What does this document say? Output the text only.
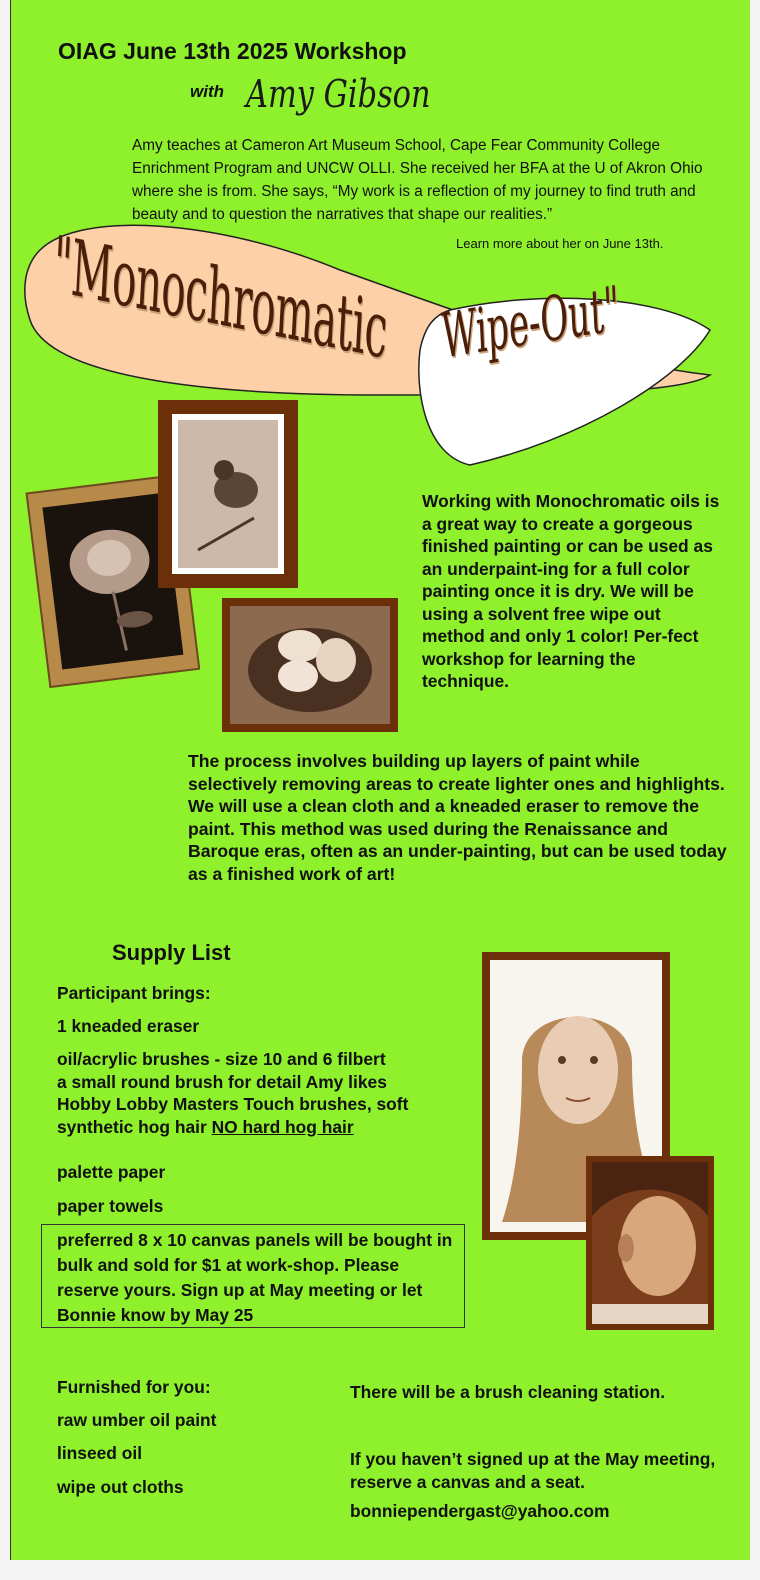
OIAG June 13th 2025 Workshop
with Amy Gibson
Amy teaches at Cameron Art Museum School, Cape Fear Community College Enrichment Program and UNCW OLLI. She received her BFA at the U of Akron Ohio where she is from. She says, “My work is a reflection of my journey to find truth and beauty and to question the narratives that shape our realities.”
Learn more about her on June 13th.
"Monochromatic Wipe-Out"
Working with Monochromatic oils is a great way to create a gorgeous finished painting or can be used as an underpaint-ing for a full color painting once it is dry. We will be using a solvent free wipe out method and only 1 color! Per-fect workshop for learning the technique.
The process involves building up layers of paint while selectively removing areas to create lighter ones and highlights. We will use a clean cloth and a kneaded eraser to remove the paint. This method was used during the Renaissance and Baroque eras, often as an under-painting, but can be used today as a finished work of art!
Supply List
Participant brings:
1 kneaded eraser
oil/acrylic brushes - size 10 and 6 filbert
a small round brush for detail Amy likes
Hobby Lobby Masters Touch brushes, soft
synthetic hog hair NO hard hog hair
palette paper
paper towels
preferred 8 x 10 canvas panels will be bought in bulk and sold for $1 at work-shop. Please reserve yours. Sign up at May meeting or let Bonnie know by May 25
Furnished for you:
raw umber oil paint
linseed oil
wipe out cloths
There will be a brush cleaning station.
If you haven’t signed up at the May meeting, reserve a canvas and a seat.
bonniependergast@yahoo.com
